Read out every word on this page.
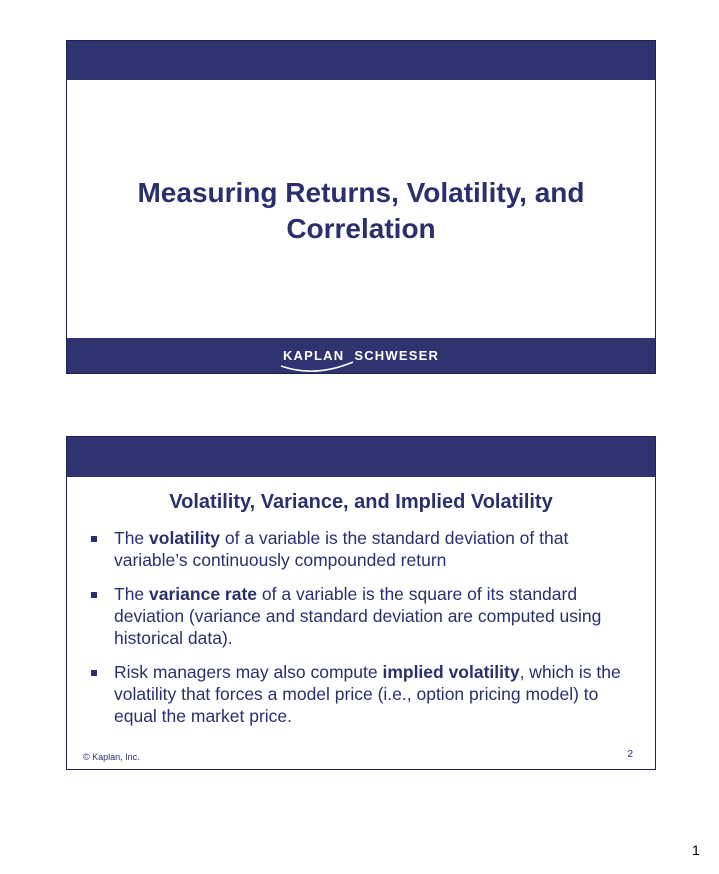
Measuring Returns, Volatility, and
Correlation
KAPLAN SCHWESER
Volatility, Variance, and Implied Volatility
The volatility of a variable is the standard deviation of that variable’s continuously compounded return
The variance rate of a variable is the square of its standard deviation (variance and standard deviation are computed using historical data).
Risk managers may also compute implied volatility, which is the volatility that forces a model price (i.e., option pricing model) to equal the market price.
© Kaplan, Inc.	2
1
